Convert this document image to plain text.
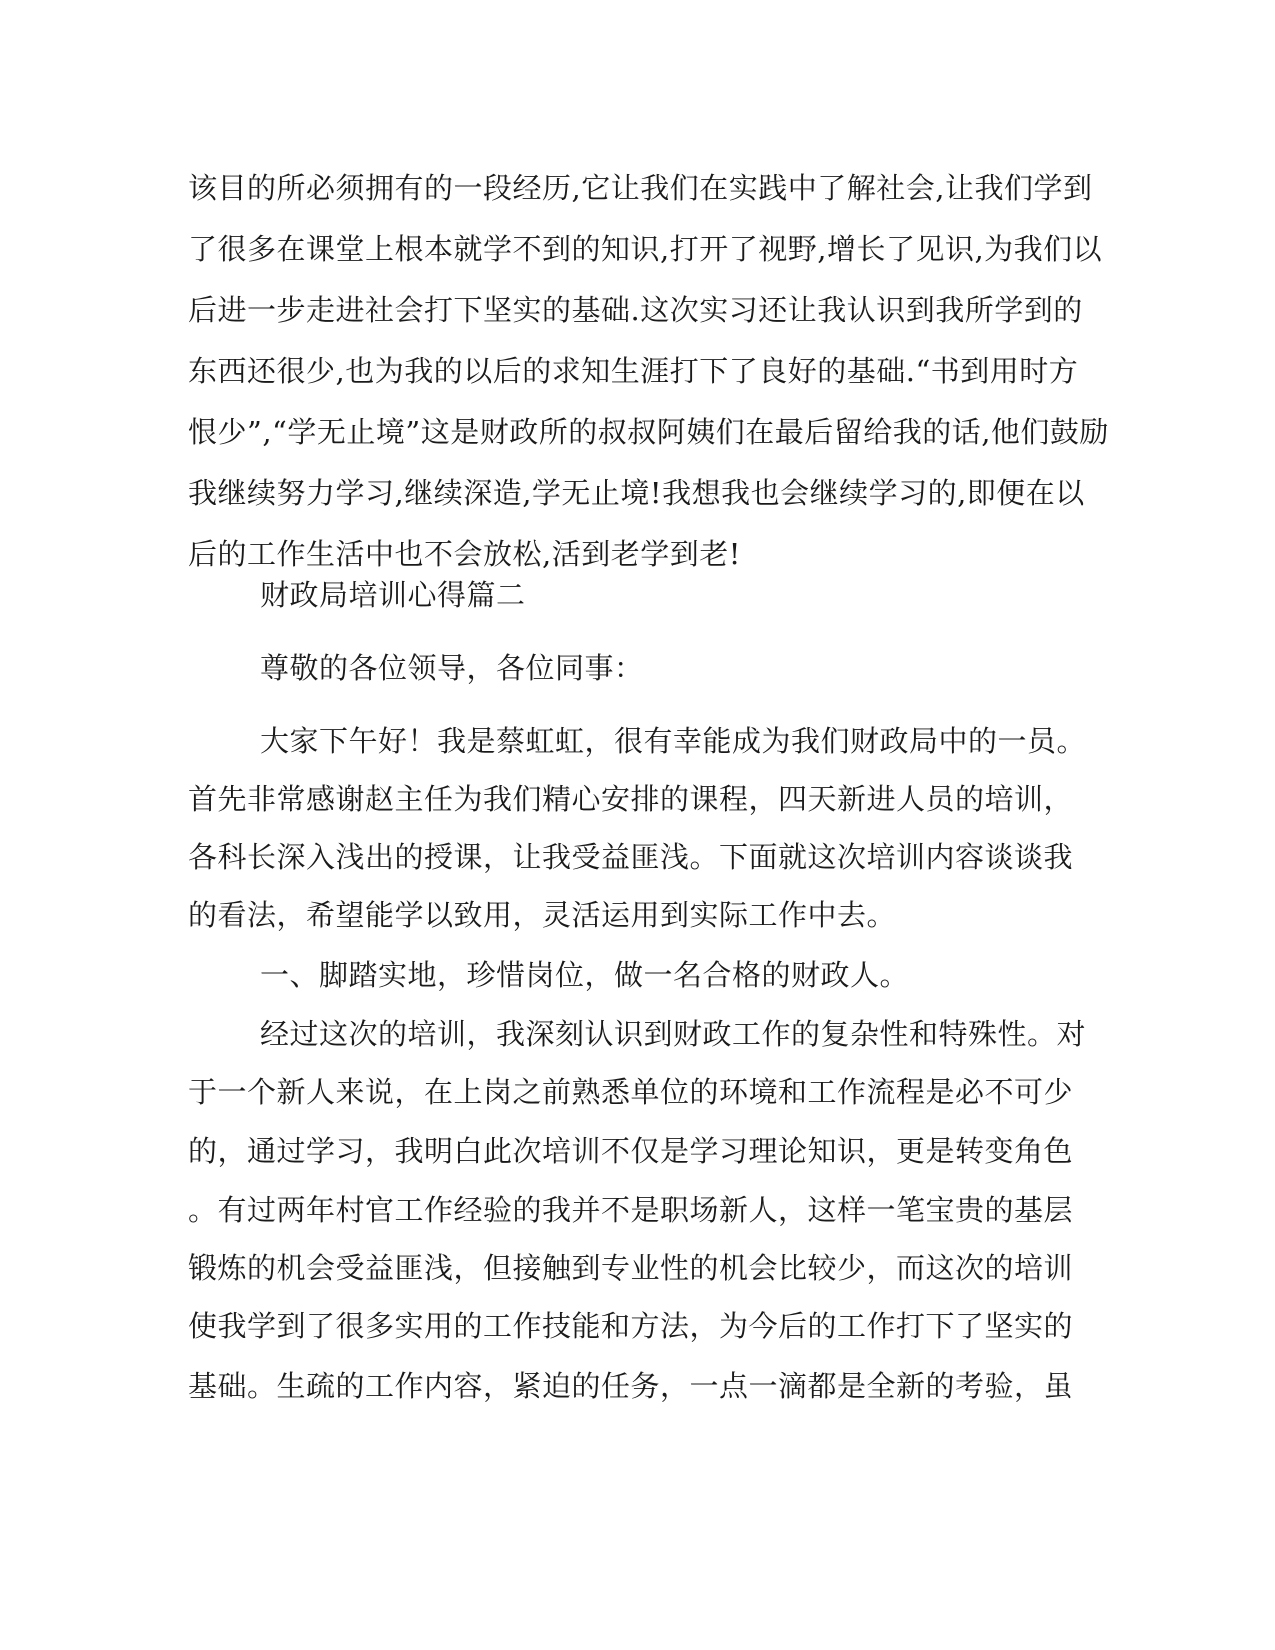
该目的所必须拥有的一段经历,它让我们在实践中了解社会,让我们学到
了很多在课堂上根本就学不到的知识,打开了视野,增长了见识,为我们以
后进一步走进社会打下坚实的基础.这次实习还让我认识到我所学到的
东西还很少,也为我的以后的求知生涯打下了良好的基础.“书到用时方
恨少”,“学无止境”这是财政所的叔叔阿姨们在最后留给我的话,他们鼓励
我继续努力学习,继续深造,学无止境!我想我也会继续学习的,即便在以
后的工作生活中也不会放松,活到老学到老!
财政局培训心得篇二
尊敬的各位领导，各位同事：
大家下午好！我是蔡虹虹，很有幸能成为我们财政局中的一员。
首先非常感谢赵主任为我们精心安排的课程，四天新进人员的培训，
各科长深入浅出的授课，让我受益匪浅。下面就这次培训内容谈谈我
的看法，希望能学以致用，灵活运用到实际工作中去。
一、脚踏实地，珍惜岗位，做一名合格的财政人。
经过这次的培训，我深刻认识到财政工作的复杂性和特殊性。对
于一个新人来说，在上岗之前熟悉单位的环境和工作流程是必不可少
的，通过学习，我明白此次培训不仅是学习理论知识，更是转变角色
。有过两年村官工作经验的我并不是职场新人，这样一笔宝贵的基层
锻炼的机会受益匪浅，但接触到专业性的机会比较少，而这次的培训
使我学到了很多实用的工作技能和方法，为今后的工作打下了坚实的
基础。生疏的工作内容，紧迫的任务，一点一滴都是全新的考验，虽
